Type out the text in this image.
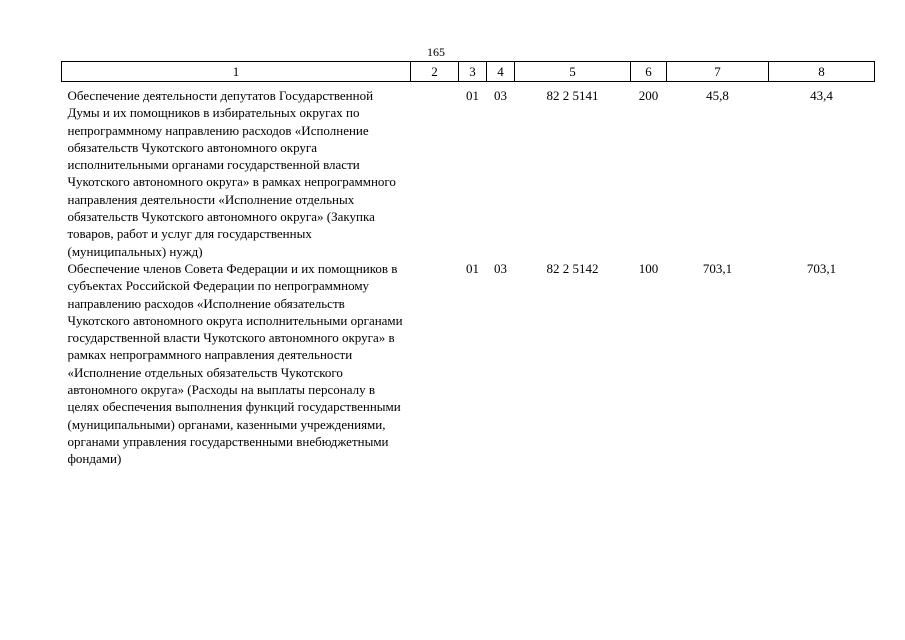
165
1	2	3	4	5	6	7	8
Обеспечение деятельности депутатов Государственной Думы и их помощников в избирательных округах по непрограммному направлению расходов «Исполнение обязательств Чукотского автономного округа исполнительными органами государственной власти Чукотского автономного округа» в рамках непрограммного направления деятельности «Исполнение отдельных обязательств Чукотского автономного округа» (Закупка товаров, работ и услуг для государственных (муниципальных) нужд)		01	03	82 2 5141	200	45,8	43,4
Обеспечение членов Совета Федерации и их помощников в субъектах Российской Федерации по непрограммному направлению расходов «Исполнение обязательств Чукотского автономного округа исполнительными органами государственной власти Чукотского автономного округа» в рамках непрограммного направления деятельности «Исполнение отдельных обязательств Чукотского автономного округа» (Расходы на выплаты персоналу в целях обеспечения выполнения функций государственными (муниципальными) органами, казенными учреждениями, органами управления государственными внебюджетными фондами)		01	03	82 2 5142	100	703,1	703,1
